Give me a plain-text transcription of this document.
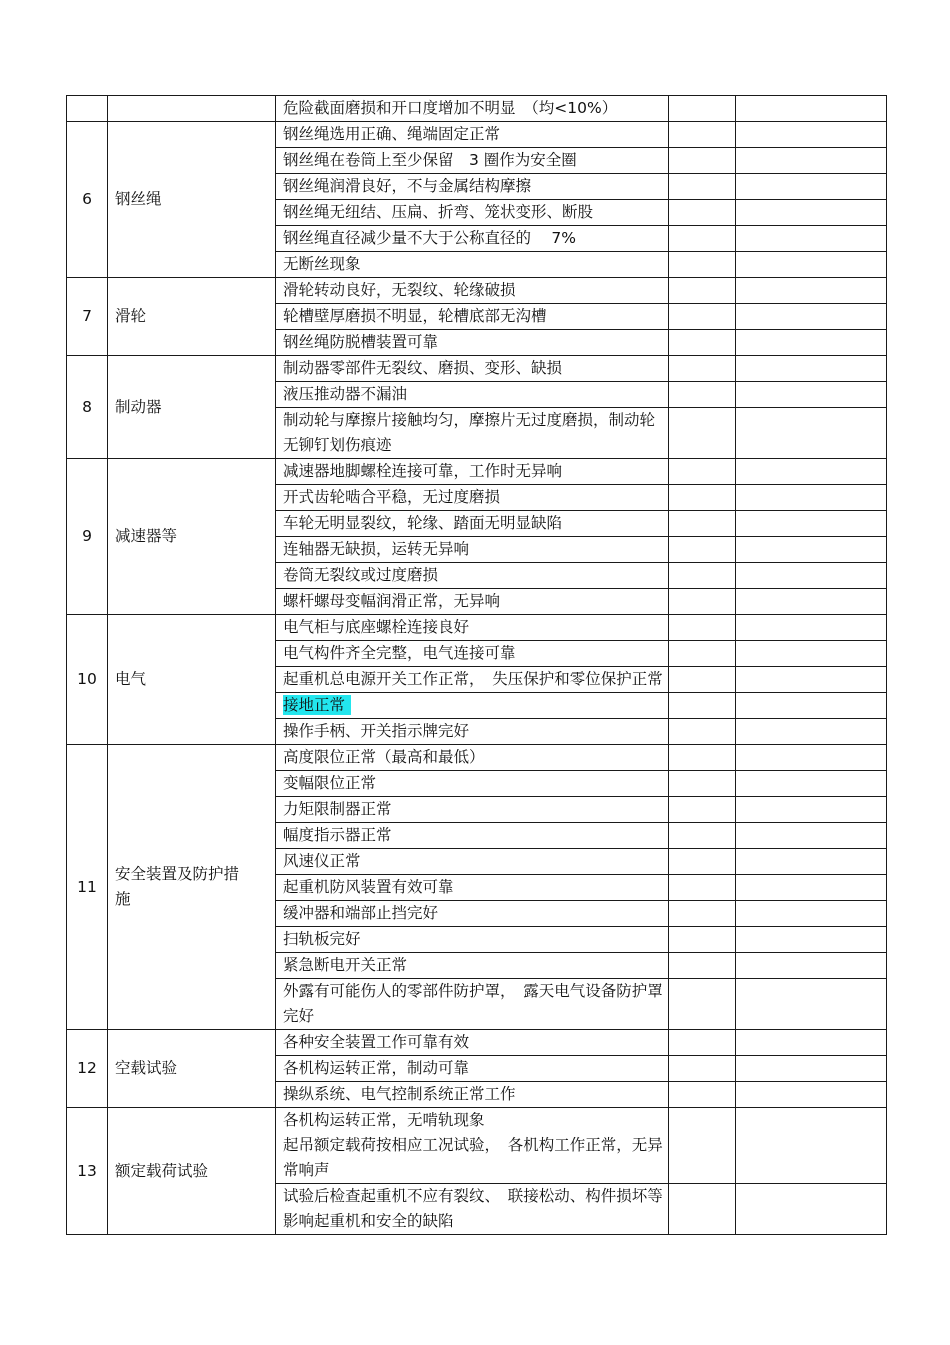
		危险截面磨损和开口度增加不明显　（均<10%）		
6	钢丝绳	钢丝绳选用正确、绳端固定正常		
		钢丝绳在卷筒上至少保留　3 圈作为安全圈		
		钢丝绳润滑良好，不与金属结构摩擦		
		钢丝绳无纽结、压扁、折弯、笼状变形、断股		
		钢丝绳直径减少量不大于公称直径的　 7%		
		无断丝现象		
7	滑轮	滑轮转动良好，无裂纹、轮缘破损		
		轮槽壁厚磨损不明显，轮槽底部无沟槽		
		钢丝绳防脱槽装置可靠		
8	制动器	制动器零部件无裂纹、磨损、变形、缺损		
		液压推动器不漏油		
		制动轮与摩擦片接触均匀，摩擦片无过度磨损，制动轮无铆钉划伤痕迹		
9	减速器等	减速器地脚螺栓连接可靠，工作时无异响		
		开式齿轮啮合平稳，无过度磨损		
		车轮无明显裂纹，轮缘、踏面无明显缺陷		
		连轴器无缺损，运转无异响		
		卷筒无裂纹或过度磨损		
		螺杆螺母变幅润滑正常，无异响		
10	电气	电气柜与底座螺栓连接良好		
		电气构件齐全完整，电气连接可靠		
		起重机总电源开关工作正常，　失压保护和零位保护正常		
		接地正常		
		操作手柄、开关指示牌完好		
11	安全装置及防护措施	高度限位正常（最高和最低）		
		变幅限位正常		
		力矩限制器正常		
		幅度指示器正常		
		风速仪正常		
		起重机防风装置有效可靠		
		缓冲器和端部止挡完好		
		扫轨板完好		
		紧急断电开关正常		
		外露有可能伤人的零部件防护罩，　露天电气设备防护罩完好		
12	空载试验	各种安全装置工作可靠有效		
		各机构运转正常，制动可靠		
		操纵系统、电气控制系统正常工作		
13	额定载荷试验	各机构运转正常，无啃轨现象
起吊额定载荷按相应工况试验，　各机构工作正常，无异常响声		

		试验后检查起重机不应有裂纹、　联接松动、构件损坏等影响起重机和安全的缺陷		
